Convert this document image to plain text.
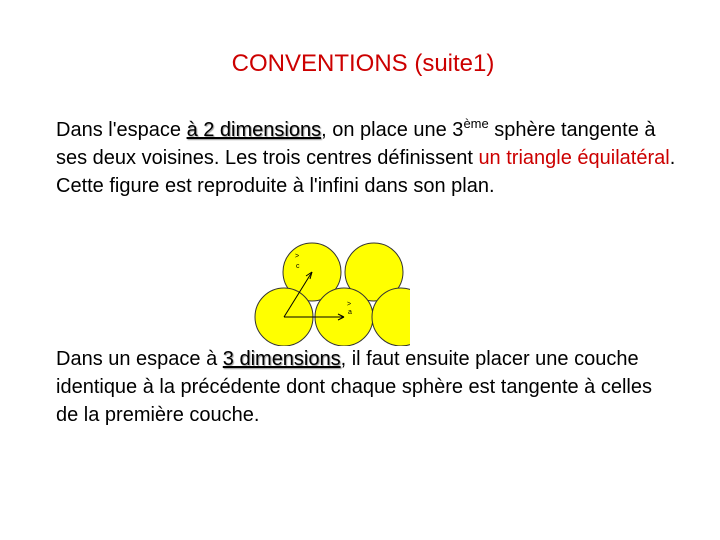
CONVENTIONS (suite1)

Dans l'espace à 2 dimensions, on place une 3ème sphère tangente à ses deux voisines. Les trois centres définissent un triangle équilatéral. Cette figure est reproduite à l'infini dans son plan.

>
c
>
a

Dans un espace à 3 dimensions, il faut ensuite placer une couche identique à la précédente dont chaque sphère est tangente à celles de la première couche.
